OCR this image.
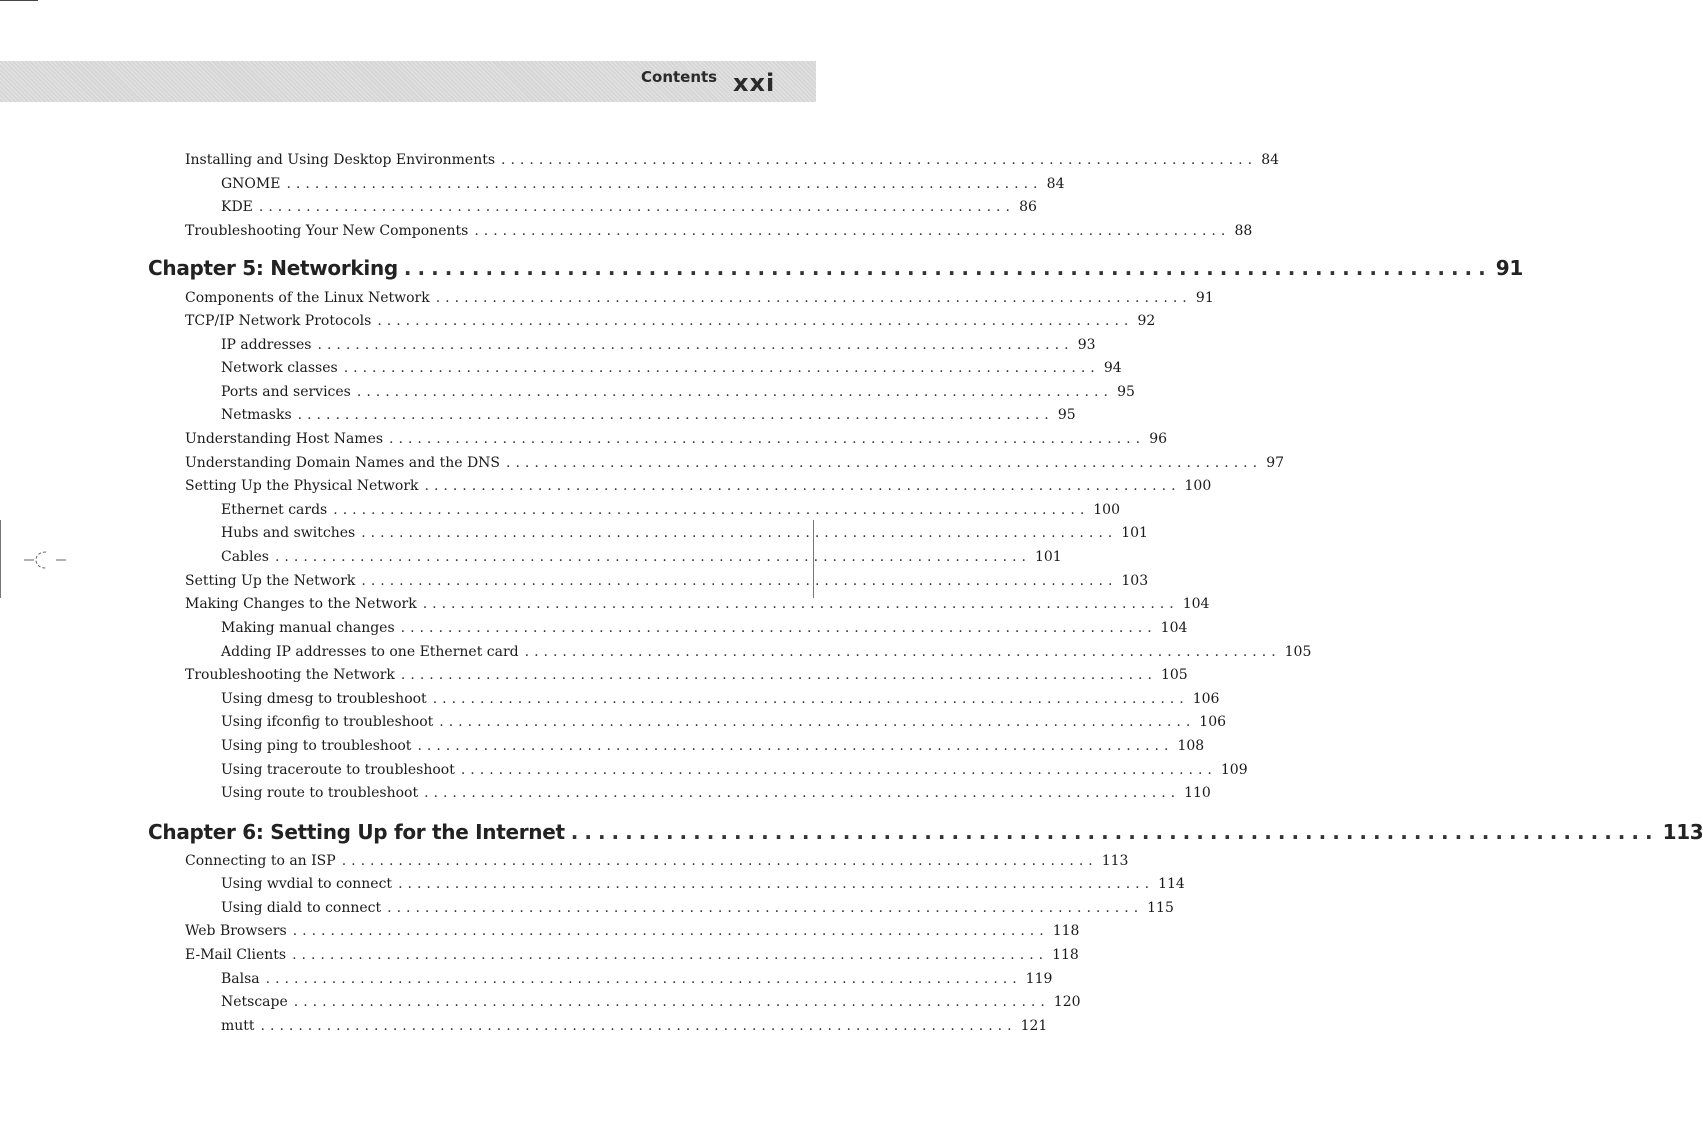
Contents xxi
Installing and Using Desktop Environments ................................................................................ 84
GNOME ................................................................................ 84
KDE ................................................................................ 86
Troubleshooting Your New Components ................................................................................ 88
Chapter 5: Networking ................................................................................ 91
Components of the Linux Network ................................................................................ 91
TCP/IP Network Protocols ................................................................................ 92
IP addresses ................................................................................ 93
Network classes ................................................................................ 94
Ports and services ................................................................................ 95
Netmasks ................................................................................ 95
Understanding Host Names ................................................................................ 96
Understanding Domain Names and the DNS ................................................................................ 97
Setting Up the Physical Network ................................................................................ 100
Ethernet cards ................................................................................ 100
Hubs and switches ................................................................................ 101
Cables ................................................................................ 101
Setting Up the Network ................................................................................ 103
Making Changes to the Network ................................................................................ 104
Making manual changes ................................................................................ 104
Adding IP addresses to one Ethernet card ................................................................................ 105
Troubleshooting the Network ................................................................................ 105
Using dmesg to troubleshoot ................................................................................ 106
Using ifconfig to troubleshoot ................................................................................ 106
Using ping to troubleshoot ................................................................................ 108
Using traceroute to troubleshoot ................................................................................ 109
Using route to troubleshoot ................................................................................ 110
Chapter 6: Setting Up for the Internet ................................................................................ 113
Connecting to an ISP ................................................................................ 113
Using wvdial to connect ................................................................................ 114
Using diald to connect ................................................................................ 115
Web Browsers ................................................................................ 118
E-Mail Clients ................................................................................ 118
Balsa ................................................................................ 119
Netscape ................................................................................ 120
mutt ................................................................................ 121
